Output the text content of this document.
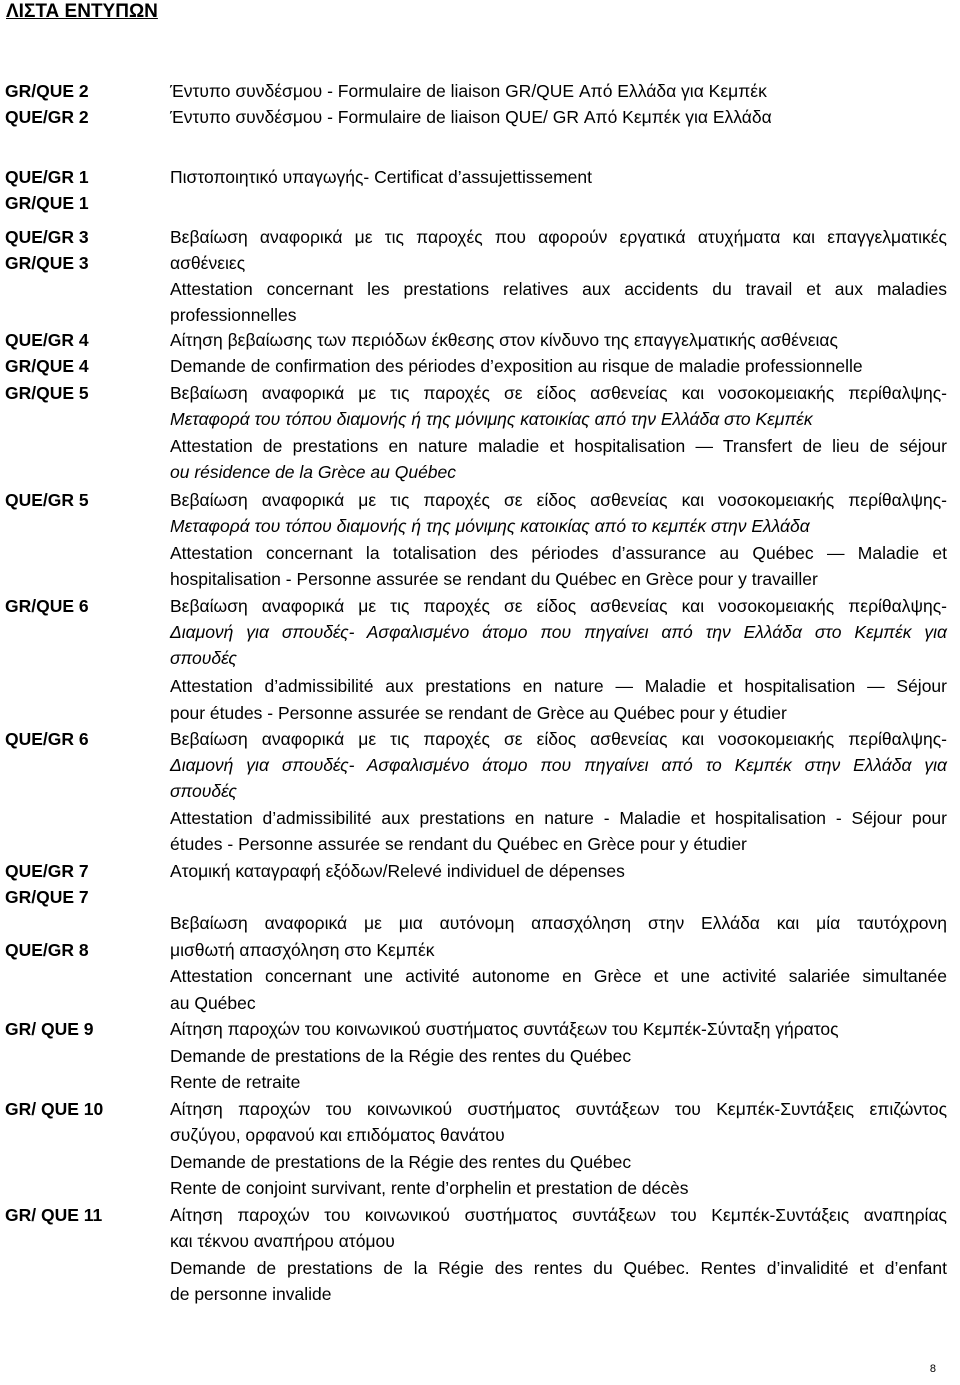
ΛΙΣΤΑ ΕΝΤΥΠΩΝ
GR/QUE 2
QUE/GR 2
QUE/GR 1
GR/QUE 1
QUE/GR 3
GR/QUE 3
QUE/GR 4
GR/QUE 4
GR/QUE 5
QUE/GR 5
GR/QUE 6
QUE/GR 6
QUE/GR 7
GR/QUE 7
QUE/GR 8
GR/ QUE 9
GR/ QUE 10
GR/ QUE 11
Έντυπο συνδέσμου - Formulaire de liaison GR/QUE Από Ελλάδα για Κεμπέκ
Έντυπο συνδέσμου - Formulaire de liaison QUE/ GR Από Κεμπέκ για Ελλάδα
Πιστοποιητικό υπαγωγής- Certificat d’assujettissement
Βεβαίωση αναφορικά με τις παροχές που αφορούν εργατικά ατυχήματα και επαγγελματικές
ασθένειες
Attestation concernant les prestations relatives aux accidents du travail et aux maladies
professionnelles
Αίτηση βεβαίωσης των περιόδων έκθεσης στον κίνδυνο της επαγγελματικής ασθένειας
Demande de confirmation des périodes d’exposition au risque de maladie professionnelle
Βεβαίωση αναφορικά με τις παροχές σε είδος ασθενείας και νοσοκομειακής περίθαλψης-
Μεταφορά του τόπου διαμονής ή της μόνιμης κατοικίας από την Ελλάδα στο Κεμπέκ
Attestation de prestations en nature maladie et hospitalisation — Transfert de lieu de séjour
ou résidence de la Grèce au Québec
Βεβαίωση αναφορικά με τις παροχές σε είδος ασθενείας και νοσοκομειακής περίθαλψης-
Μεταφορά του τόπου διαμονής ή της μόνιμης κατοικίας από το κεμπέκ στην Ελλάδα
Attestation concernant la totalisation des périodes d’assurance au Québec — Maladie et
hospitalisation - Personne assurée se rendant du Québec en Grèce pour y travailler
Βεβαίωση αναφορικά με τις παροχές σε είδος ασθενείας και νοσοκομειακής περίθαλψης-
Διαμονή για σπουδές- Ασφαλισμένο άτομο που πηγαίνει από την Ελλάδα στο Κεμπέκ για
σπουδές
Attestation d’admissibilité aux prestations en nature — Maladie et hospitalisation — Séjour
pour études - Personne assurée se rendant de Grèce au Québec pour y étudier
Βεβαίωση αναφορικά με τις παροχές σε είδος ασθενείας και νοσοκομειακής περίθαλψης-
Διαμονή για σπουδές- Ασφαλισμένο άτομο που πηγαίνει από το Κεμπέκ στην Ελλάδα για
σπουδές
Attestation d’admissibilité aux prestations en nature - Maladie et hospitalisation - Séjour pour
études - Personne assurée se rendant du Québec en Grèce pour y étudier
Ατομική καταγραφή εξόδων/Relevé individuel de dépenses
Βεβαίωση αναφορικά με μια αυτόνομη απασχόληση στην Ελλάδα και μία ταυτόχρονη
μισθωτή απασχόληση στο Κεμπέκ
Attestation concernant une activité autonome en Grèce et une activité salariée simultanée
au Québec
Αίτηση παροχών του κοινωνικού συστήματος συντάξεων του Κεμπέκ-Σύνταξη γήρατος
Demande de prestations de la Régie des rentes du Québec
Rente de retraite
Αίτηση παροχών του κοινωνικού συστήματος συντάξεων του Κεμπέκ-Συντάξεις επιζώντος
συζύγου, ορφανού και επιδόματος θανάτου
Demande de prestations de la Régie des rentes du Québec
Rente de conjoint survivant, rente d’orphelin et prestation de décès
Αίτηση παροχών του κοινωνικού συστήματος συντάξεων του Κεμπέκ-Συντάξεις αναπηρίας
και τέκνου αναπήρου ατόμου
Demande de prestations de la Régie des rentes du Québec. Rentes d’invalidité et d’enfant
de personne invalide
8
